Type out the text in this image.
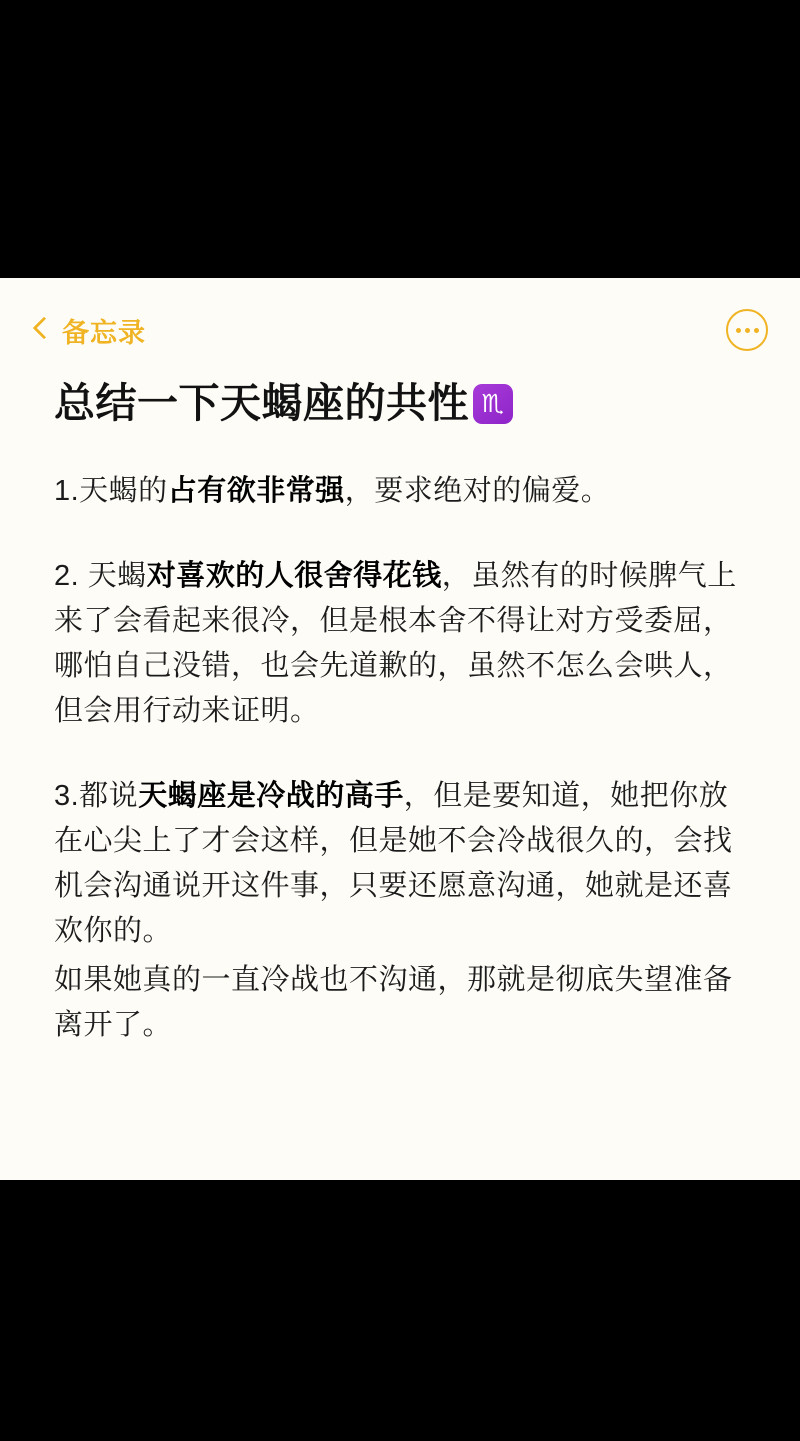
备忘录
总结一下天蝎座的共性 ♏
1.天蝎的占有欲非常强，要求绝对的偏爱。
2. 天蝎对喜欢的人很舍得花钱，虽然有的时候脾气上来了会看起来很冷，但是根本舍不得让对方受委屈，哪怕自己没错，也会先道歉的，虽然不怎么会哄人，但会用行动来证明。
3.都说天蝎座是冷战的高手，但是要知道，她把你放在心尖上了才会这样，但是她不会冷战很久的，会找机会沟通说开这件事，只要还愿意沟通，她就是还喜欢你的。
如果她真的一直冷战也不沟通，那就是彻底失望准备离开了。
